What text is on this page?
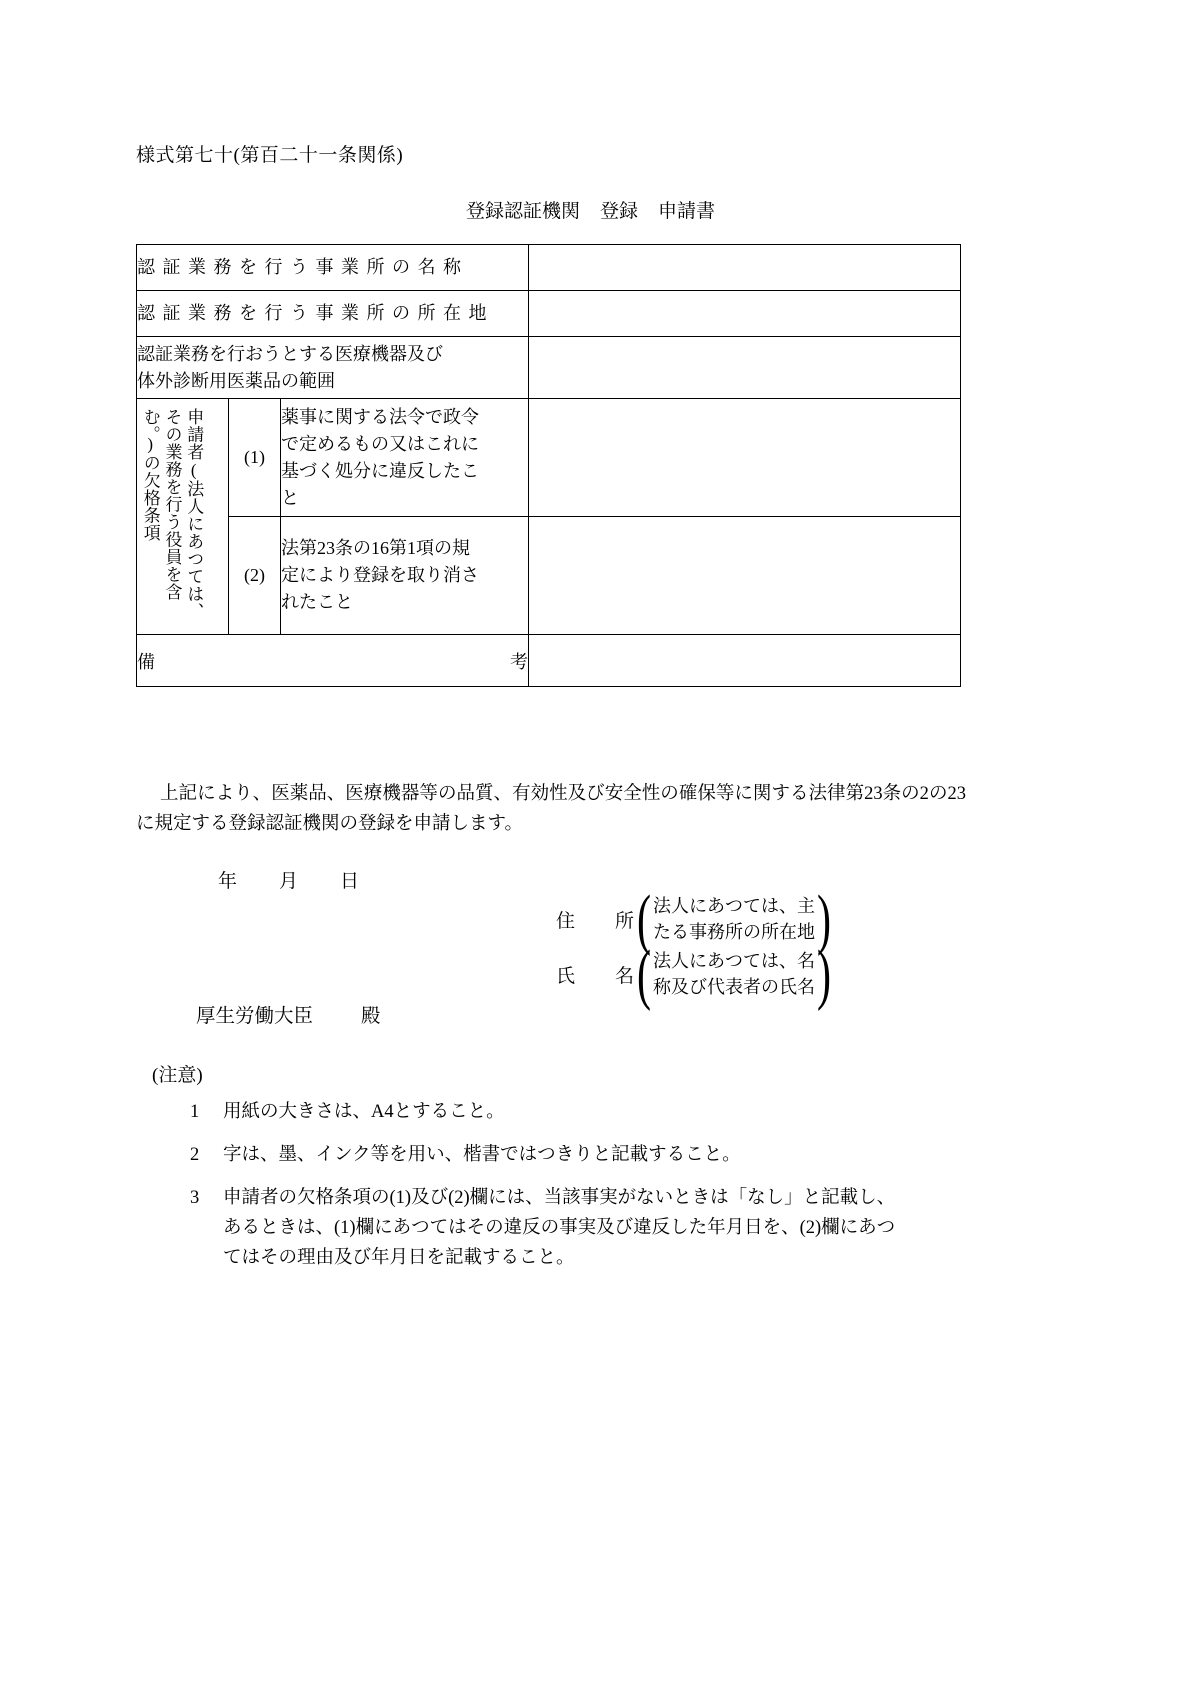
様式第七十(第百二十一条関係)
登録認証機関 登録 申請書
認証業務を行う事業所の名称			
認証業務を行う事業所の所在地			

認証業務を行おうとする医療機器及び
体外診断用医薬品の範囲			

申請者(法人にあつては、その業務を行う役員を含む。)の欠格条項	(1)	薬事に関する法令で政令
で定めるもの又はこれに
基づく処分に違反したこ
と	

	(2)	法第23条の16第1項の規
定により登録を取り消さ
れたこと	

備 考			

上記により、医薬品、医療機器等の品質、有効性及び安全性の確保等に関する法律第23条の2の23に規定する登録認証機関の登録を申請します。
年 月 日
住 所 ( 法人にあつては、主
たる事務所の所在地 )
氏 名 ( 法人にあつては、名
称及び代表者の氏名 )
厚生労働大臣 殿
(注意)
1	用紙の大きさは、A4とすること。
2	字は、墨、インク等を用い、楷書ではつきりと記載すること。
3	申請者の欠格条項の(1)及び(2)欄には、当該事実がないときは「なし」と記載し、
あるときは、(1)欄にあつてはその違反の事実及び違反した年月日を、(2)欄にあつ
てはその理由及び年月日を記載すること。
